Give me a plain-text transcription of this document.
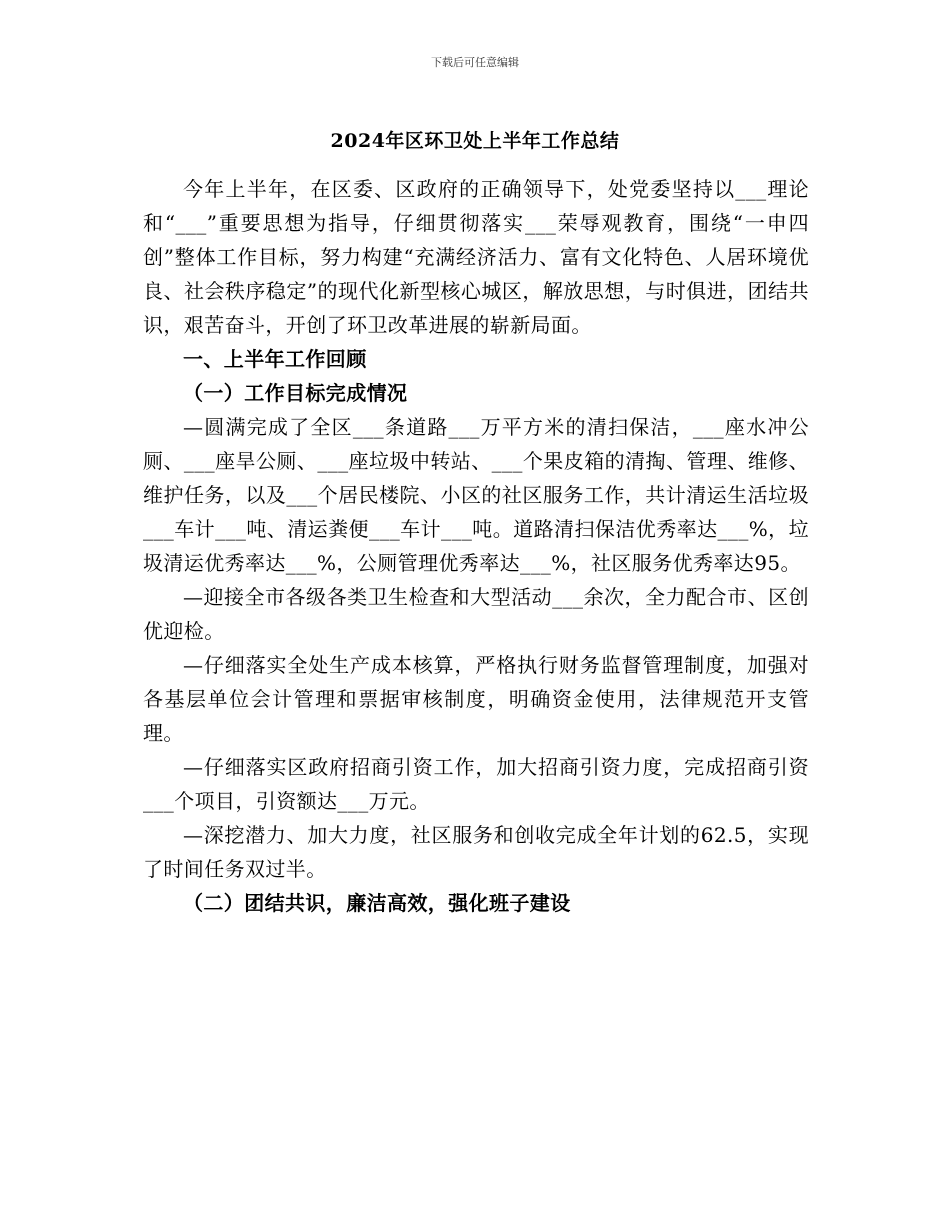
下载后可任意编辑
2024年区环卫处上半年工作总结

今年上半年，在区委、区政府的正确领导下，处党委坚持以___理论和“___”重要思想为指导，仔细贯彻落实___荣辱观教育，围绕“一申四创”整体工作目标，努力构建“充满经济活力、富有文化特色、人居环境优良、社会秩序稳定”的现代化新型核心城区，解放思想，与时俱进，团结共识，艰苦奋斗，开创了环卫改革进展的崭新局面。

一、上半年工作回顾
（一）工作目标完成情况

—圆满完成了全区___条道路___万平方米的清扫保洁，___座水冲公厕、___座旱公厕、___座垃圾中转站、___个果皮箱的清掏、管理、维修、维护任务，以及___个居民楼院、小区的社区服务工作，共计清运生活垃圾___车计___吨、清运粪便___车计___吨。道路清扫保洁优秀率达___%，垃圾清运优秀率达___%，公厕管理优秀率达___%，社区服务优秀率达95。

—迎接全市各级各类卫生检查和大型活动___余次，全力配合市、区创优迎检。

—仔细落实全处生产成本核算，严格执行财务监督管理制度，加强对各基层单位会计管理和票据审核制度，明确资金使用，法律规范开支管理。

—仔细落实区政府招商引资工作，加大招商引资力度，完成招商引资___个项目，引资额达___万元。

—深挖潜力、加大力度，社区服务和创收完成全年计划的62.5，实现了时间任务双过半。

（二）团结共识，廉洁高效，强化班子建设
